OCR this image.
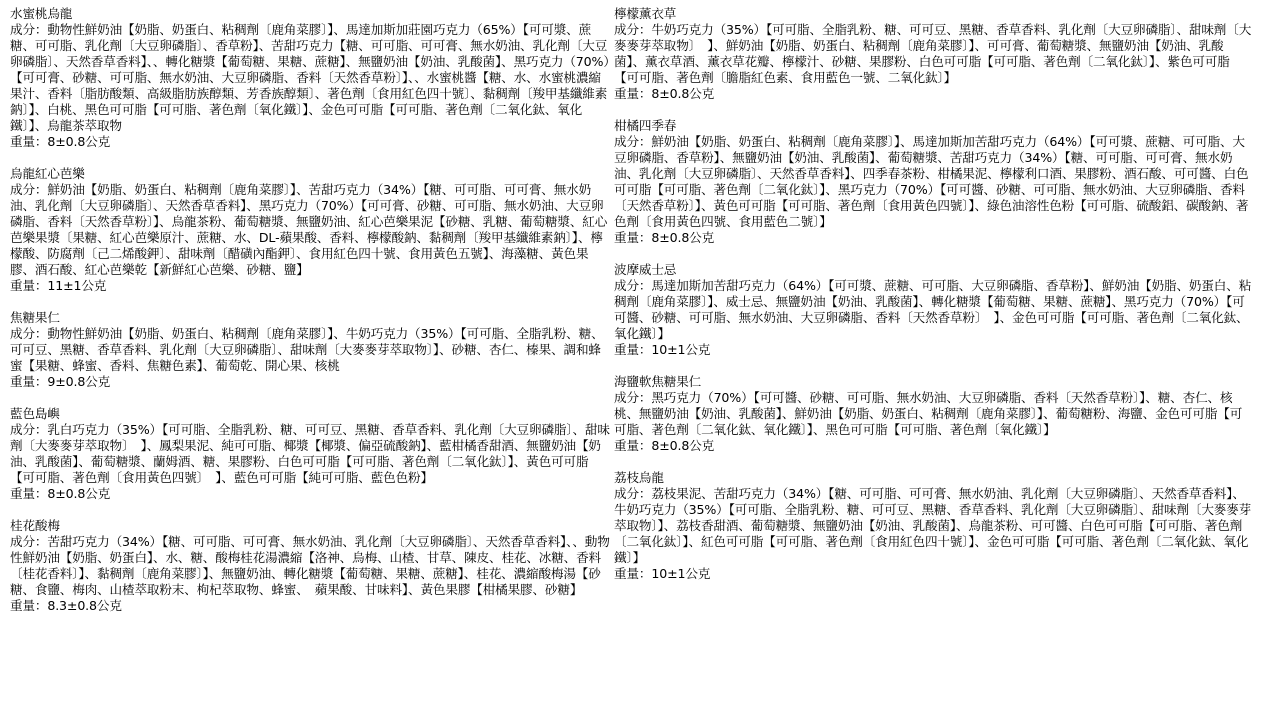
水蜜桃烏龍

成分：動物性鮮奶油【奶脂、奶蛋白、粘稠劑〔鹿角菜膠〕】、馬達加斯加莊園巧克力（65%）【可可漿、蔗糖、可可脂、乳化劑〔大豆卵磷脂〕、香草粉】、苦甜巧克力【糖、可可脂、可可膏、無水奶油、乳化劑〔大豆卵磷脂〕、天然香草香料】、、轉化糖漿【葡萄糖、果糖、蔗糖】、無鹽奶油【奶油、乳酸菌】、黑巧克力（70%）【可可膏、砂糖、可可脂、無水奶油、大豆卵磷脂、香料〔天然香草粉〕】、、水蜜桃醬【糖、水、水蜜桃濃縮果汁、香料〔脂肪酸類、高級脂肪族醇類、芳香族醇類〕、著色劑〔食用紅色四十號〕、黏稠劑〔羧甲基纖維素鈉〕】、白桃、黑色可可脂【可可脂、著色劑〔氧化鐵〕】、金色可可脂【可可脂、著色劑〔二氧化鈦、氧化鐵〕】、烏龍茶萃取物

重量：8±0.8公克

烏龍紅心芭樂

成分：鮮奶油【奶脂、奶蛋白、粘稠劑〔鹿角菜膠〕】、苦甜巧克力（34%）【糖、可可脂、可可膏、無水奶油、乳化劑〔大豆卵磷脂〕、天然香草香料】、黑巧克力（70%）【可可膏、砂糖、可可脂、無水奶油、大豆卵磷脂、香料〔天然香草粉〕】、烏龍茶粉、葡萄糖漿、無鹽奶油、紅心芭樂果泥【砂糖、乳糖、葡萄糖漿、紅心芭樂果漿〔果糖、紅心芭樂原汁、蔗糖、水、DL-蘋果酸、香料、檸檬酸鈉、黏稠劑〔羧甲基纖維素鈉〕】、檸檬酸、防腐劑〔己二烯酸鉀〕、甜味劑〔醋磺內酯鉀〕、食用紅色四十號、食用黃色五號】、海藻糖、黃色果膠、酒石酸、紅心芭樂乾【新鮮紅心芭樂、砂糖、鹽】

重量：11±1公克

焦糖果仁

成分：動物性鮮奶油【奶脂、奶蛋白、粘稠劑〔鹿角菜膠〕】、牛奶巧克力（35%）【可可脂、全脂乳粉、糖、可可豆、黑糖、香草香料、乳化劑〔大豆卵磷脂〕、甜味劑〔大麥麥芽萃取物〕】、砂糖、杏仁、榛果、調和蜂蜜【果糖、蜂蜜、香料、焦糖色素】、葡萄乾、開心果、核桃

重量：9±0.8公克

藍色島嶼

成分：乳白巧克力（35%）【可可脂、全脂乳粉、糖、可可豆、黑糖、香草香料、乳化劑〔大豆卵磷脂〕、甜味劑〔大麥麥芽萃取物〕　】、鳳梨果泥、純可可脂、椰漿【椰漿、偏亞硫酸鈉】、藍柑橘香甜酒、無鹽奶油【奶油、乳酸菌】、葡萄糖漿、蘭姆酒、糖、果膠粉、白色可可脂【可可脂、著色劑〔二氧化鈦〕】、黃色可可脂【可可脂、著色劑〔食用黃色四號〕　】、藍色可可脂【純可可脂、藍色色粉】

重量：8±0.8公克

桂花酸梅

成分：苦甜巧克力（34%）【糖、可可脂、可可膏、無水奶油、乳化劑〔大豆卵磷脂〕、天然香草香料】、、動物性鮮奶油【奶脂、奶蛋白】、水、糖、酸梅桂花湯濃縮【洛神、烏梅、山楂、甘草、陳皮、桂花、冰糖、香料〔桂花香料〕】、黏稠劑〔鹿角菜膠〕】、無鹽奶油、轉化糖漿【葡萄糖、果糖、蔗糖】、桂花、濃縮酸梅湯【砂糖、食鹽、梅肉、山楂萃取粉末、枸杞萃取物、蜂蜜、　蘋果酸、甘味料】、黃色果膠【柑橘果膠、砂糖】

重量：8.3±0.8公克

檸檬薰衣草

成分：牛奶巧克力（35%）【可可脂、全脂乳粉、糖、可可豆、黑糖、香草香料、乳化劑〔大豆卵磷脂〕、甜味劑〔大麥麥芽萃取物〕　】、鮮奶油【奶脂、奶蛋白、粘稠劑〔鹿角菜膠〕】、可可膏、葡萄糖漿、無鹽奶油【奶油、乳酸菌】、薰衣草酒、薰衣草花瓣、檸檬汁、砂糖、果膠粉、白色可可脂【可可脂、著色劑〔二氧化鈦〕】、紫色可可脂【可可脂、著色劑〔膽脂紅色素、食用藍色一號、二氧化鈦〕】

重量：8±0.8公克

柑橘四季春

成分：鮮奶油【奶脂、奶蛋白、粘稠劑〔鹿角菜膠〕】、馬達加斯加苦甜巧克力（64%）【可可漿、蔗糖、可可脂、大豆卵磷脂、香草粉】、無鹽奶油【奶油、乳酸菌】、葡萄糖漿、苦甜巧克力（34%）【糖、可可脂、可可膏、無水奶油、乳化劑〔大豆卵磷脂〕、天然香草香料】、四季春茶粉、柑橘果泥、檸檬利口酒、果膠粉、酒石酸、可可醬、白色可可脂【可可脂、著色劑〔二氧化鈦〕】、黑巧克力（70%）【可可醬、砂糖、可可脂、無水奶油、大豆卵磷脂、香料〔天然香草粉〕】、黃色可可脂【可可脂、著色劑〔食用黃色四號〕】、綠色油溶性色粉【可可脂、硫酸鋁、碳酸鈉、著色劑〔食用黃色四號、食用藍色二號〕】

重量：8±0.8公克

波摩威士忌

成分：馬達加斯加苦甜巧克力（64%）【可可漿、蔗糖、可可脂、大豆卵磷脂、香草粉】、鮮奶油【奶脂、奶蛋白、粘稠劑〔鹿角菜膠〕】、威士忌、無鹽奶油【奶油、乳酸菌】、轉化糖漿【葡萄糖、果糖、蔗糖】、黑巧克力（70%）【可可醬、砂糖、可可脂、無水奶油、大豆卵磷脂、香料〔天然香草粉〕　】、金色可可脂【可可脂、著色劑〔二氧化鈦、氧化鐵〕】

重量：10±1公克

海鹽軟焦糖果仁

成分：黑巧克力（70%）【可可醬、砂糖、可可脂、無水奶油、大豆卵磷脂、香料〔天然香草粉〕】、糖、杏仁、核桃、無鹽奶油【奶油、乳酸菌】、鮮奶油【奶脂、奶蛋白、粘稠劑〔鹿角菜膠〕】、葡萄糖粉、海鹽、金色可可脂【可可脂、著色劑〔二氧化鈦、氧化鐵〕】、黑色可可脂【可可脂、著色劑〔氧化鐵〕】

重量：8±0.8公克

荔枝烏龍

成分：荔枝果泥、苦甜巧克力（34%）【糖、可可脂、可可膏、無水奶油、乳化劑〔大豆卵磷脂〕、天然香草香料】、牛奶巧克力（35%）【可可脂、全脂乳粉、糖、可可豆、黑糖、香草香料、乳化劑〔大豆卵磷脂〕、甜味劑〔大麥麥芽萃取物〕】、荔枝香甜酒、葡萄糖漿、無鹽奶油【奶油、乳酸菌】、烏龍茶粉、可可醬、白色可可脂【可可脂、著色劑〔二氧化鈦〕】、紅色可可脂【可可脂、著色劑〔食用紅色四十號〕】、金色可可脂【可可脂、著色劑〔二氧化鈦、氧化鐵〕】

重量：10±1公克
